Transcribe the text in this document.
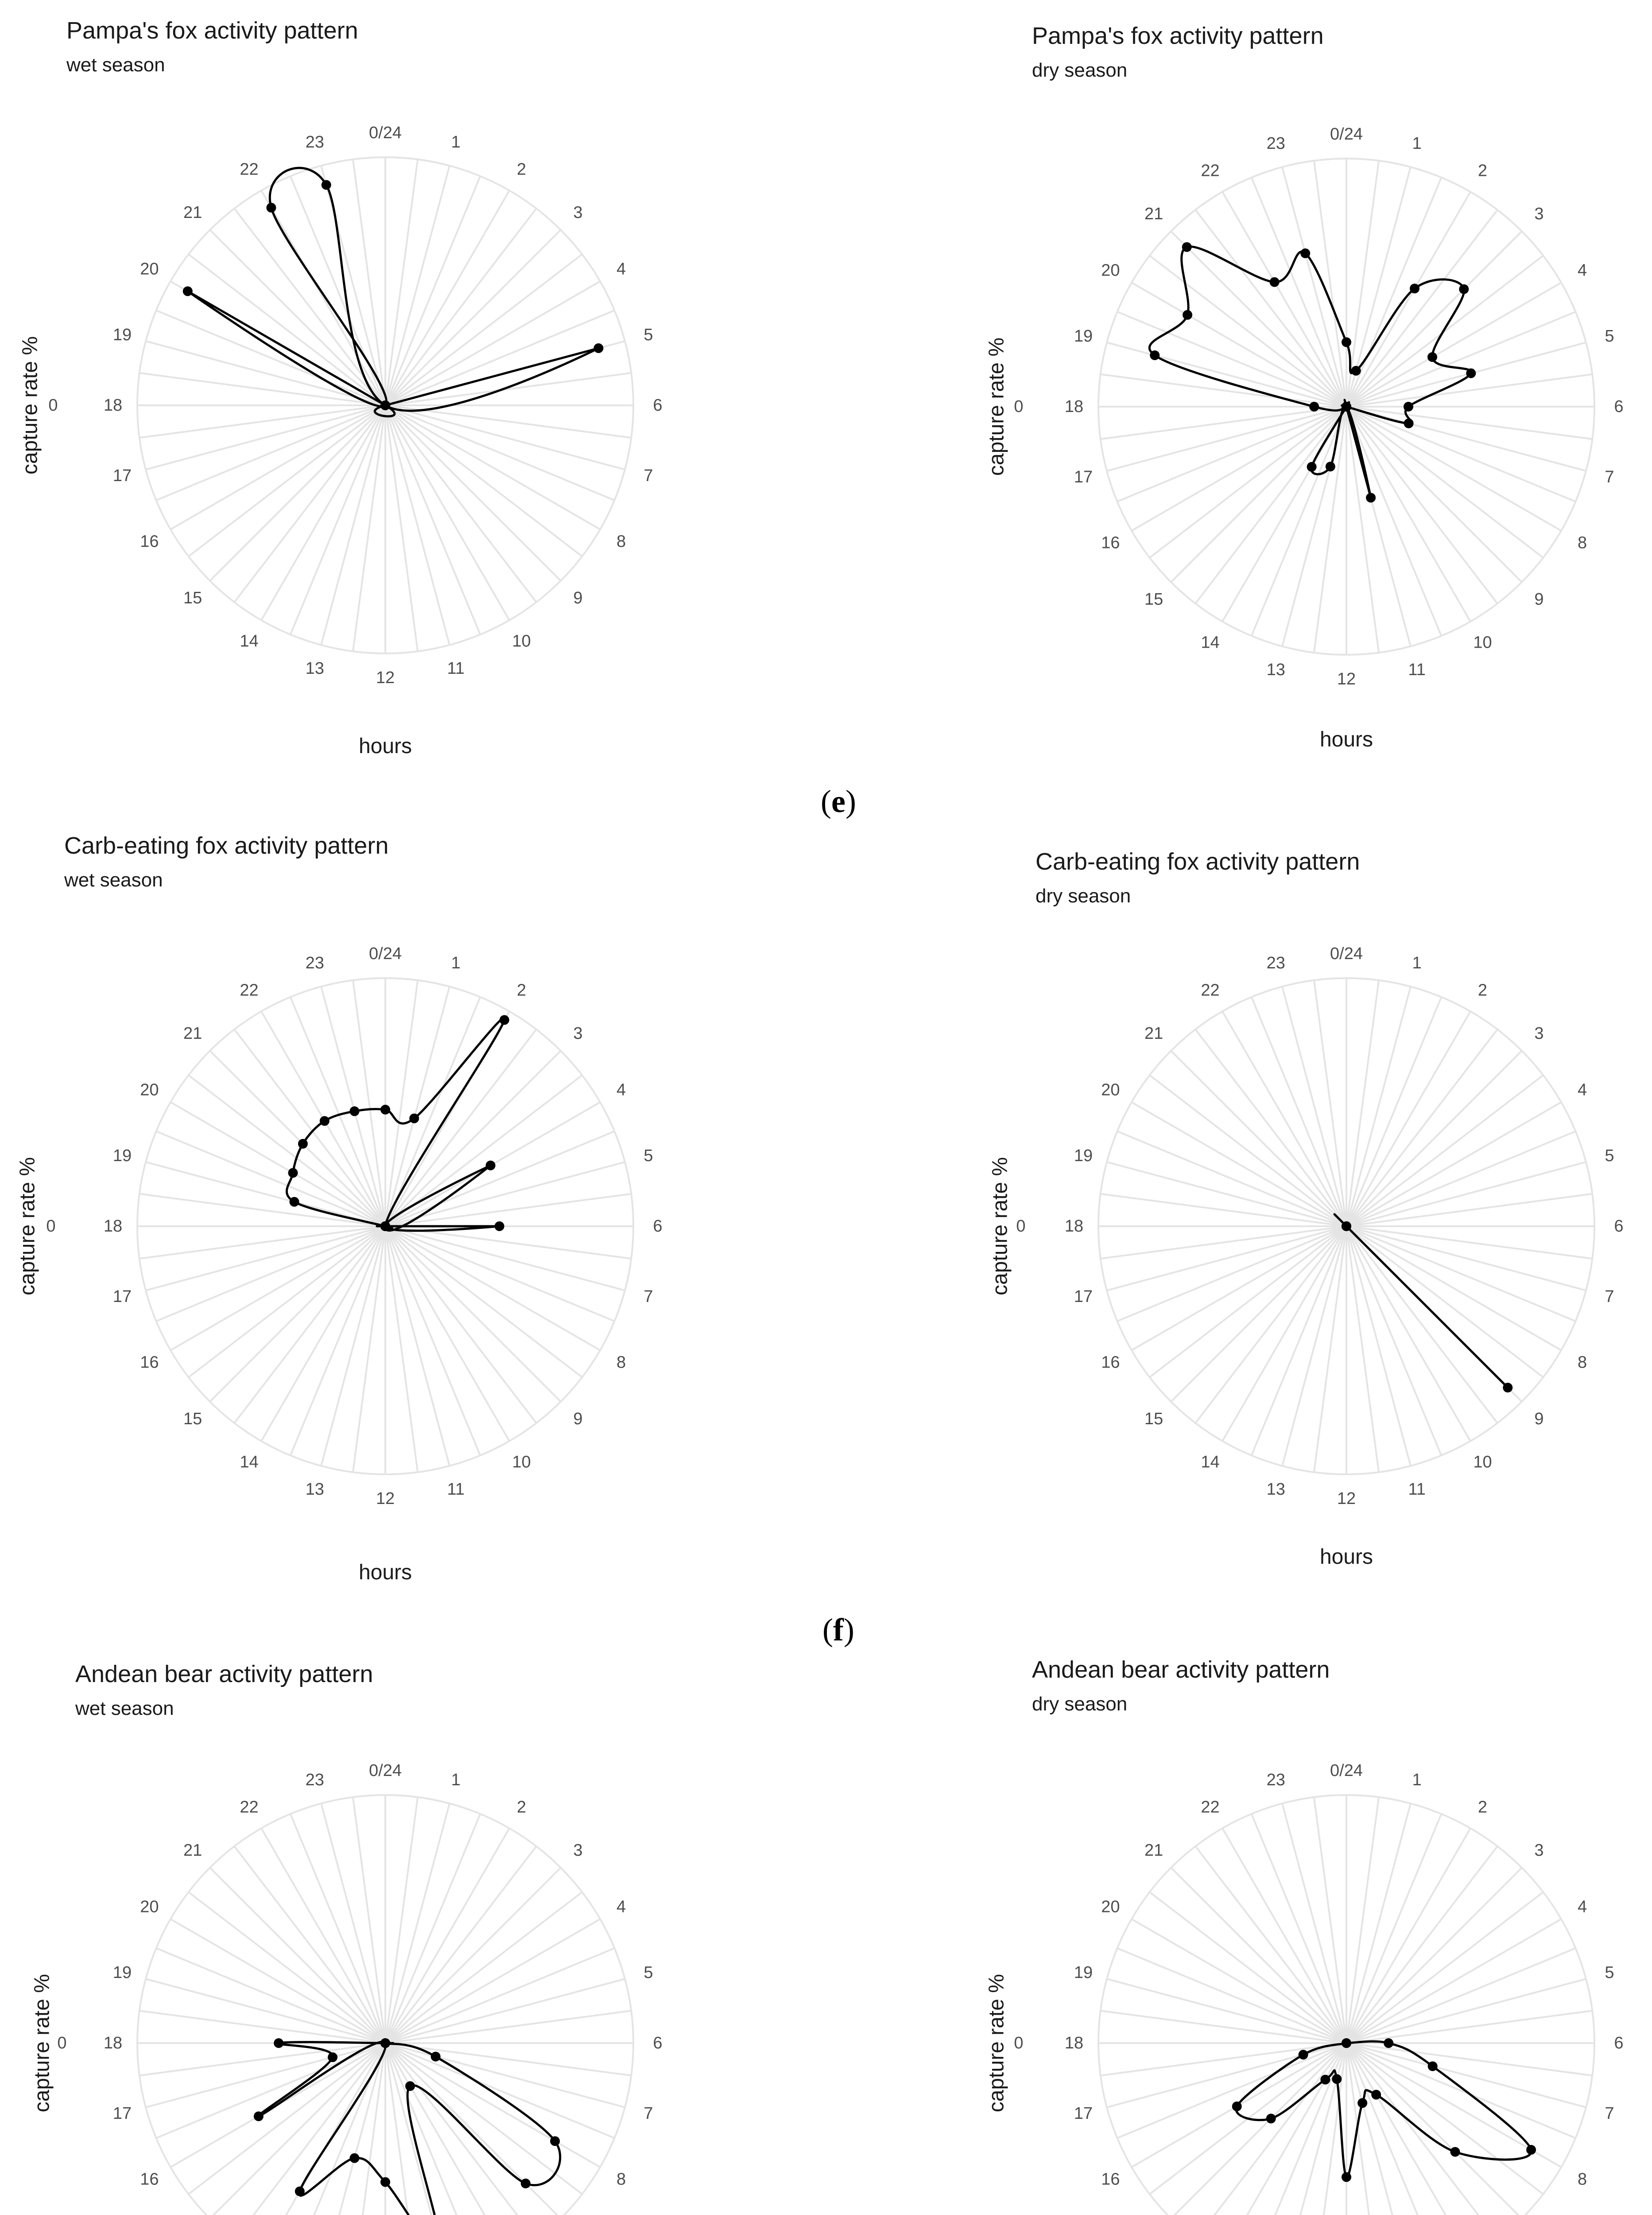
Pampa's fox activity pattern
wet season
Pampa's fox activity pattern
dry season
Carb-eating fox activity pattern
wet season
Carb-eating fox activity pattern
dry season
Andean bear activity pattern
wet season
Andean bear activity pattern
dry season
(e)
(f)
0/24	1
2
3
4
5
6
7
8
9
10
11
12
13
14
15
16
17
18
19
20
21
22
23
hours
capture rate % 0
0/24	1
2
3
4
5
6
7
8
9
10
11
12
13
14
15
16
17
18
19
20
21
22
23
hours
capture rate % 0
0/24	1
2
3
4
5
6
7
8
9
10
11
12
13
14
15
16
17
18
19
20
21
22
23
hours
capture rate % 0
0/24	1
2
3
4
5
6
7
8
9
10
11
12
13
14
15
16
17
18
19
20
21
22
23
hours
capture rate % 0
0/24	1
2
3
4
5
6
7
8
16
17
18
19
20
21
22
23
capture rate % 0
0/24	1
2
3
4
5
6
7
8
16
17
18
19
20
21
22
23
capture rate % 0
